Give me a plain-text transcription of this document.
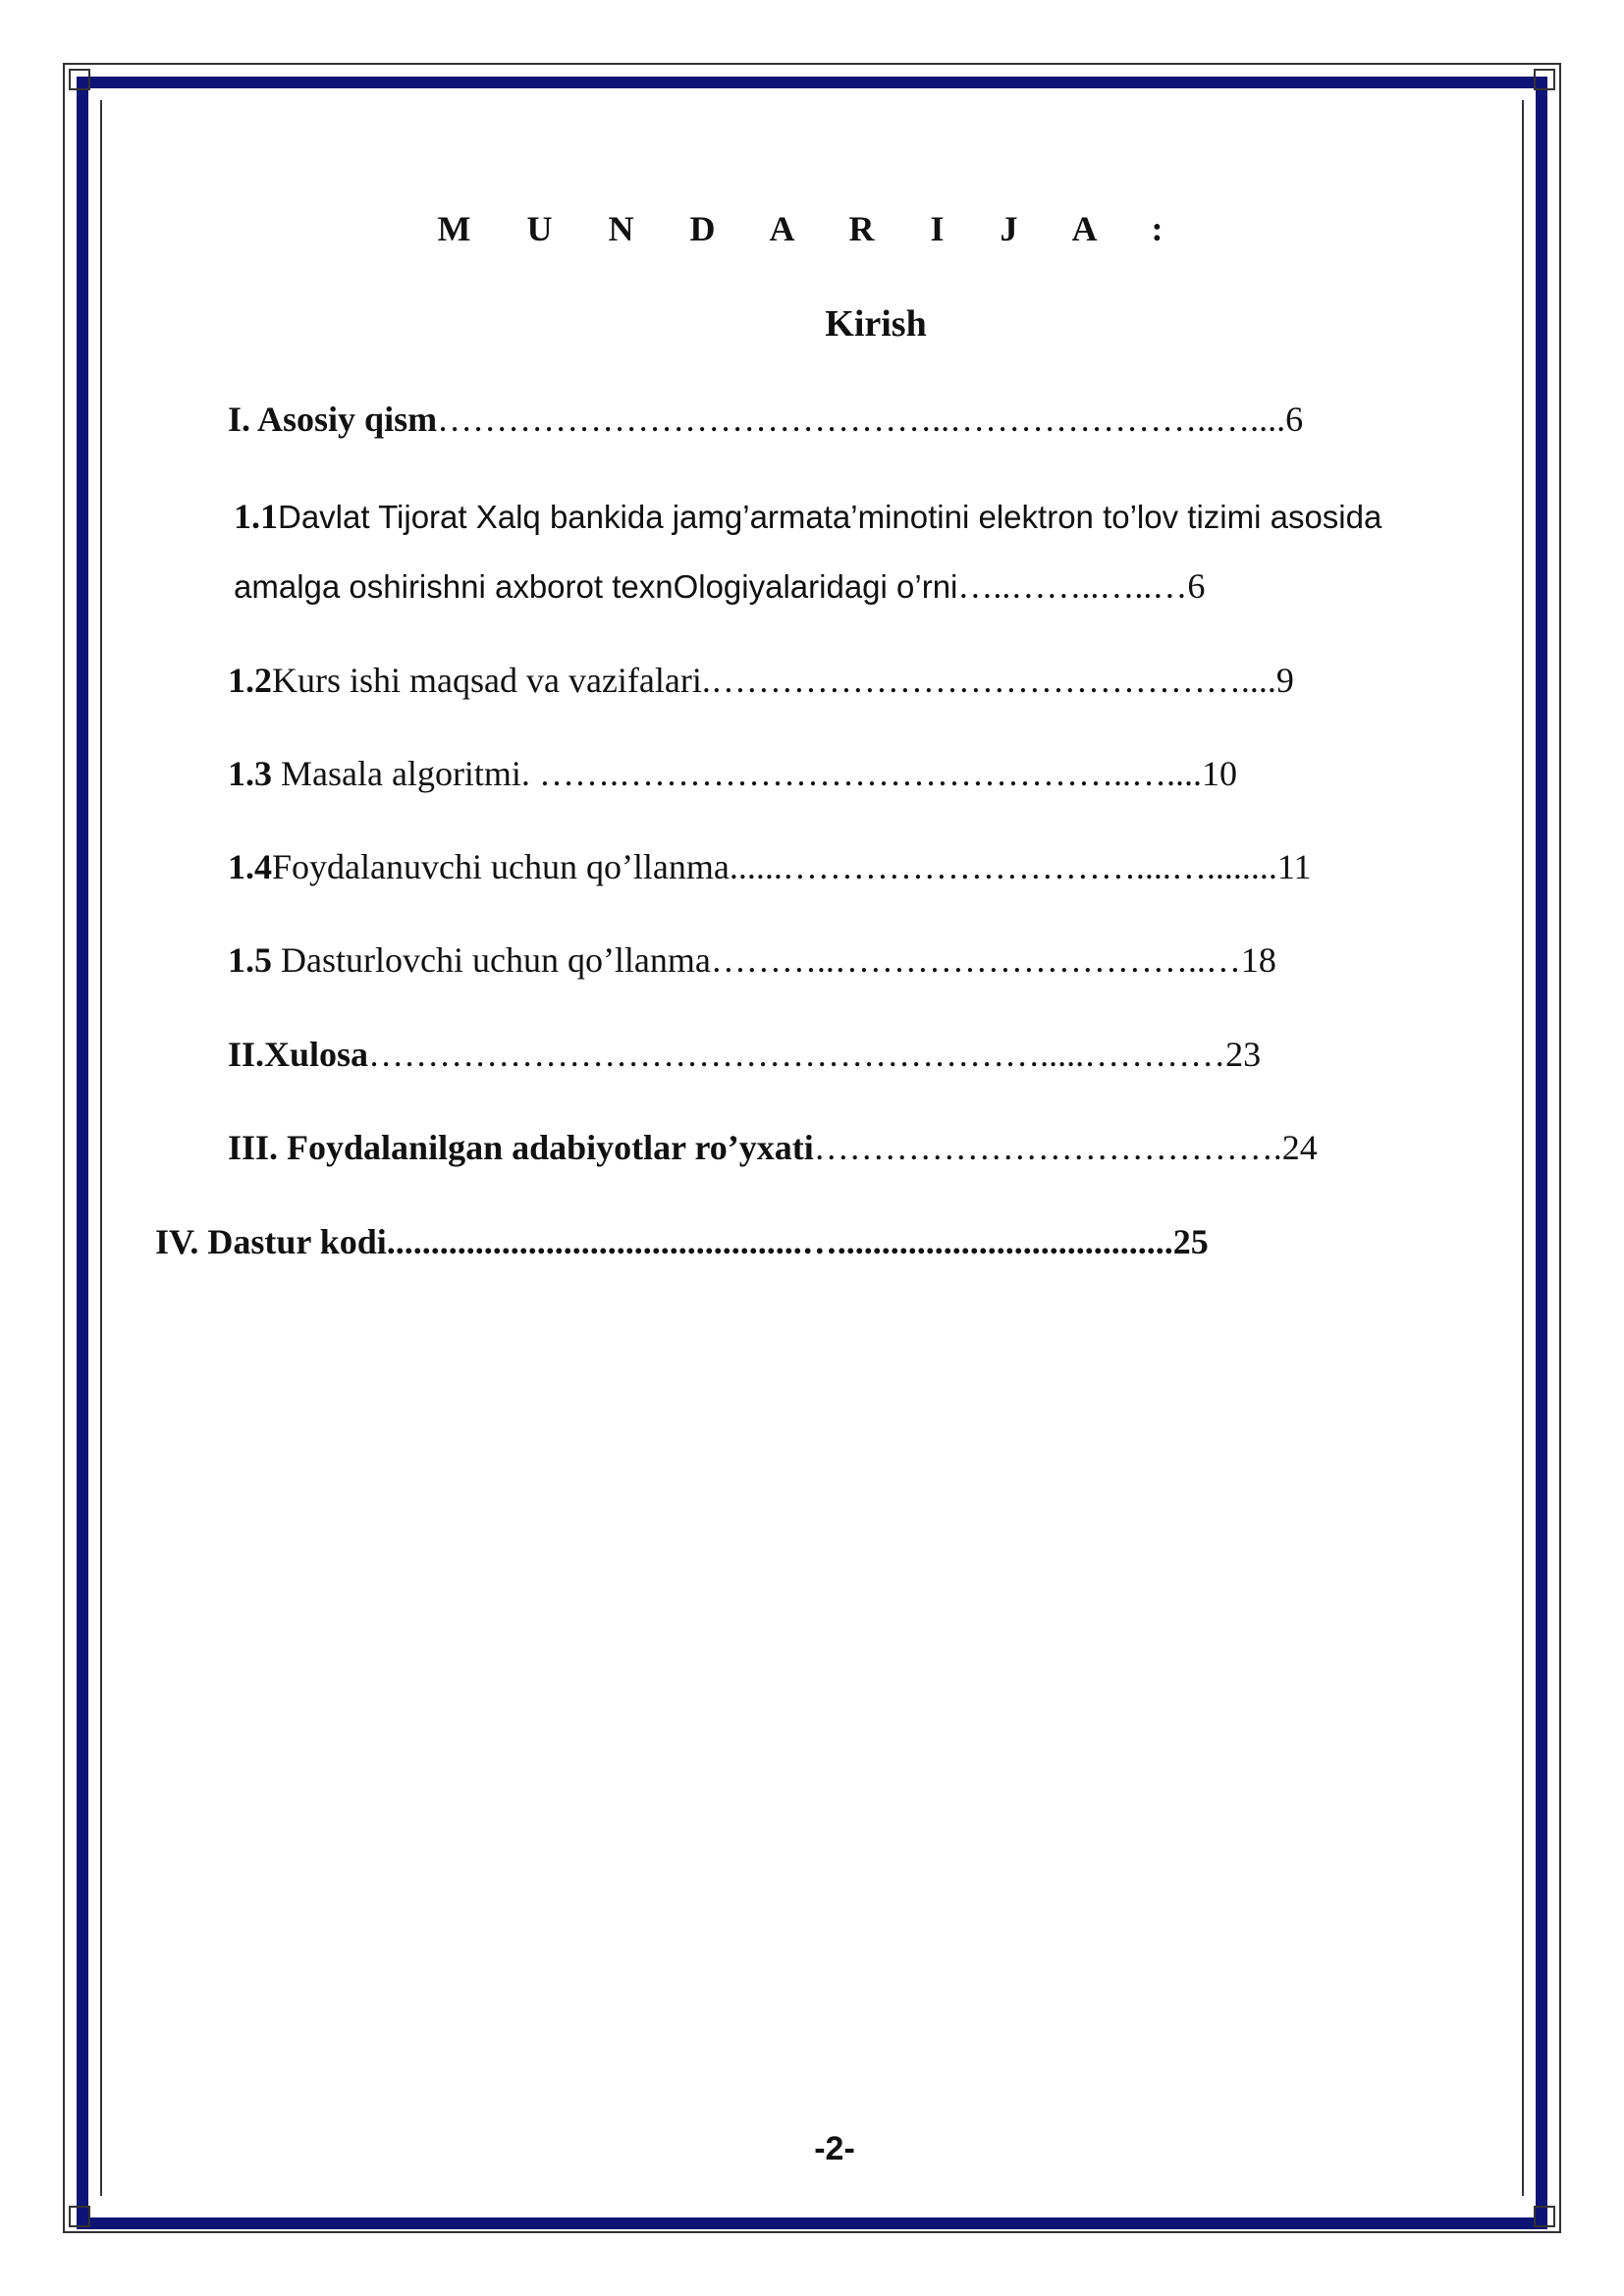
M U N D A R I J A :
Kirish
I. Asosiy qism……………………………………..…………………..…....6
1.1Davlat Tijorat Xalq bankida jamg’armata’minotini elektron to’lov tizimi asosida
amalga oshirishni axborot texnOlogiyalaridagi o’rni…..……..…..…6
1.2Kurs ishi maqsad va vazifalari.………………………………………....9
1.3 Masala algoritmi. …….……………………………………..…....10
1.4Foydalanuvchi uchun qo’llanma......…………………………....…........11
1.5 Dasturlovchi uchun qo’llanma………..…………………………..…18
II.Xulosa………………………………………………….....…………23
III. Foydalanilgan adabiyotlar ro’yxati………………………………….24
IV. Dastur kodi...............................................…......................................25
-2-
